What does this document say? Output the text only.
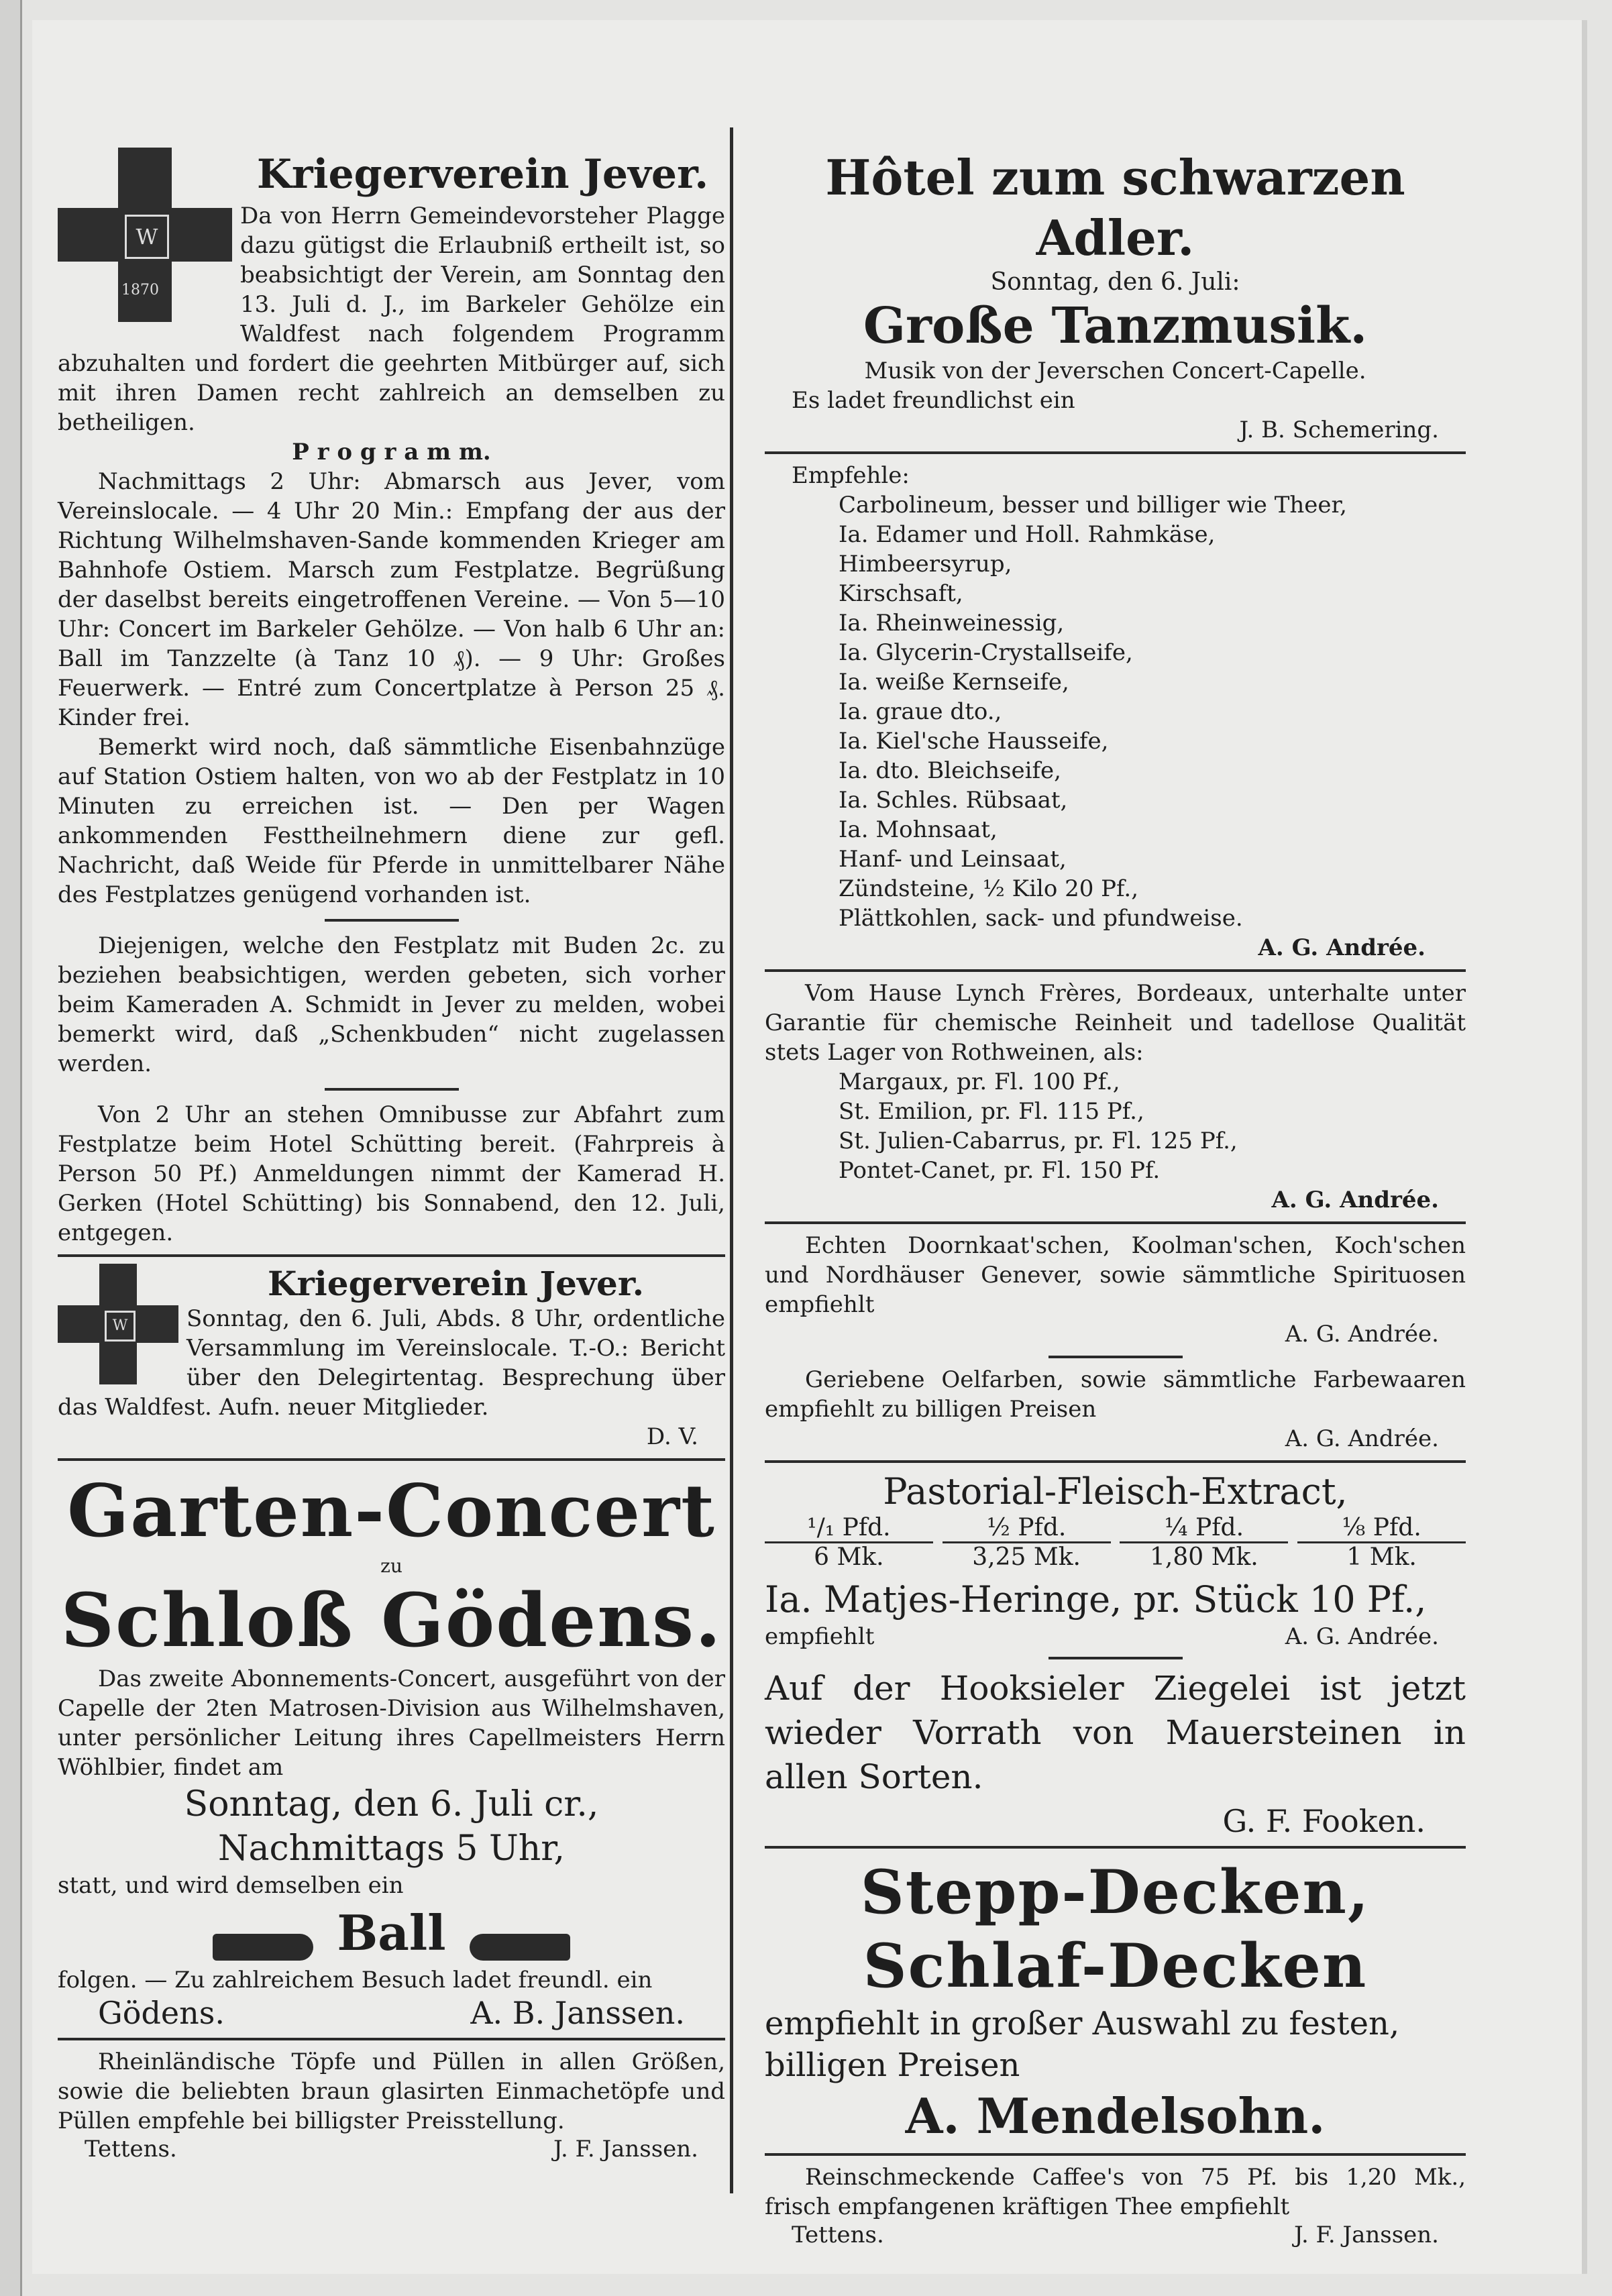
W
1870
Kriegerverein Jever.

Da von Herrn Gemeindevorsteher Plagge dazu gütigst die Erlaubniß ertheilt ist, so beabsichtigt der Verein, am Sonntag den 13. Juli d. J., im Barkeler Gehölze ein Waldfest nach folgendem Programm abzuhalten und fordert die geehrten Mitbürger auf, sich mit ihren Damen recht zahlreich an demselben zu betheiligen.

P r o g r a m m.

Nachmittags 2 Uhr: Abmarsch aus Jever, vom Vereinslocale. — 4 Uhr 20 Min.: Empfang der aus der Richtung Wilhelmshaven-Sande kommenden Krieger am Bahnhofe Ostiem. Marsch zum Festplatze. Begrüßung der daselbst bereits eingetroffenen Vereine. — Von 5—10 Uhr: Concert im Barkeler Gehölze. — Von halb 6 Uhr an: Ball im Tanzzelte (à Tanz 10 ₰). — 9 Uhr: Großes Feuerwerk. — Entré zum Concertplatze à Person 25 ₰. Kinder frei.

Bemerkt wird noch, daß sämmtliche Eisenbahnzüge auf Station Ostiem halten, von wo ab der Festplatz in 10 Minuten zu erreichen ist. — Den per Wagen ankommenden Festtheilnehmern diene zur gefl. Nachricht, daß Weide für Pferde in unmittelbarer Nähe des Festplatzes genügend vorhanden ist.

Diejenigen, welche den Festplatz mit Buden 2c. zu beziehen beabsichtigen, werden gebeten, sich vorher beim Kameraden A. Schmidt in Jever zu melden, wobei bemerkt wird, daß „Schenkbuden“ nicht zugelassen werden.

Von 2 Uhr an stehen Omnibusse zur Abfahrt zum Festplatze beim Hotel Schütting bereit. (Fahrpreis à Person 50 Pf.) Anmeldungen nimmt der Kamerad H. Gerken (Hotel Schütting) bis Sonnabend, den 12. Juli, entgegen.

W
Kriegerverein Jever.

Sonntag, den 6. Juli, Abds. 8 Uhr, ordentliche Versammlung im Vereinslocale. T.-O.: Bericht über den Delegirtentag. Besprechung über das Waldfest. Aufn. neuer Mitglieder.

D. V.

Garten-Concert
zu
Schloß Gödens.

Das zweite Abonnements-Concert, ausgeführt von der Capelle der 2ten Matrosen-Division aus Wilhelmshaven, unter persönlicher Leitung ihres Capellmeisters Herrn Wöhlbier, findet am

Sonntag, den 6. Juli cr.,
Nachmittags 5 Uhr,

statt, und wird demselben ein

Ball

folgen. — Zu zahlreichem Besuch ladet freundl. ein

Gödens.	A. B. Janssen.

Rheinländische Töpfe und Püllen in allen Größen, sowie die beliebten braun glasirten Einmachetöpfe und Püllen empfehle bei billigster Preisstellung.

Tettens.	J. F. Janssen.
Hôtel zum schwarzen Adler.
Sonntag, den 6. Juli:
Große Tanzmusik.

Musik von der Jeverschen Concert-Capelle.

Es ladet freundlichst ein

J. B. Schemering.

Empfehle:

Carbolineum, besser und billiger wie Theer,
Ia. Edamer und Holl. Rahmkäse,
Himbeersyrup,
Kirschsaft,
Ia. Rheinweinessig,
Ia. Glycerin-Crystallseife,
Ia. weiße Kernseife,
Ia. graue dto.,
Ia. Kiel'sche Hausseife,
Ia. dto. Bleichseife,
Ia. Schles. Rübsaat,
Ia. Mohnsaat,
Hanf- und Leinsaat,
Zündsteine, ½ Kilo 20 Pf.,
Plättkohlen, sack- und pfundweise.

A. G. Andrée.

Vom Hause Lynch Frères, Bordeaux, unterhalte unter Garantie für chemische Reinheit und tadellose Qualität stets Lager von Rothweinen, als:

Margaux, pr. Fl. 100 Pf.,
St. Emilion, pr. Fl. 115 Pf.,
St. Julien-Cabarrus, pr. Fl. 125 Pf.,
Pontet-Canet, pr. Fl. 150 Pf.

A. G. Andrée.

Echten Doornkaat'schen, Koolman'schen, Koch'schen und Nordhäuser Genever, sowie sämmtliche Spirituosen empfiehlt

A. G. Andrée.

Geriebene Oelfarben, sowie sämmtliche Farbewaaren empfiehlt zu billigen Preisen

A. G. Andrée.

Pastorial-Fleisch-Extract,
¹/₁ Pfd.	½ Pfd.	¼ Pfd.	⅛ Pfd.
6 Mk.	3,25 Mk.	1,80 Mk.	1 Mk.
Ia. Matjes-Heringe, pr. Stück 10 Pf.,
empfiehlt	A. G. Andrée.

Auf der Hooksieler Ziegelei ist jetzt wieder Vorrath von Mauersteinen in allen Sorten.

G. F. Fooken.

Stepp-Decken,
Schlaf-Decken

empfiehlt in großer Auswahl zu festen, billigen Preisen

A. Mendelsohn.

Reinschmeckende Caffee's von 75 Pf. bis 1,20 Mk., frisch empfangenen kräftigen Thee empfiehlt

Tettens.	J. F. Janssen.
